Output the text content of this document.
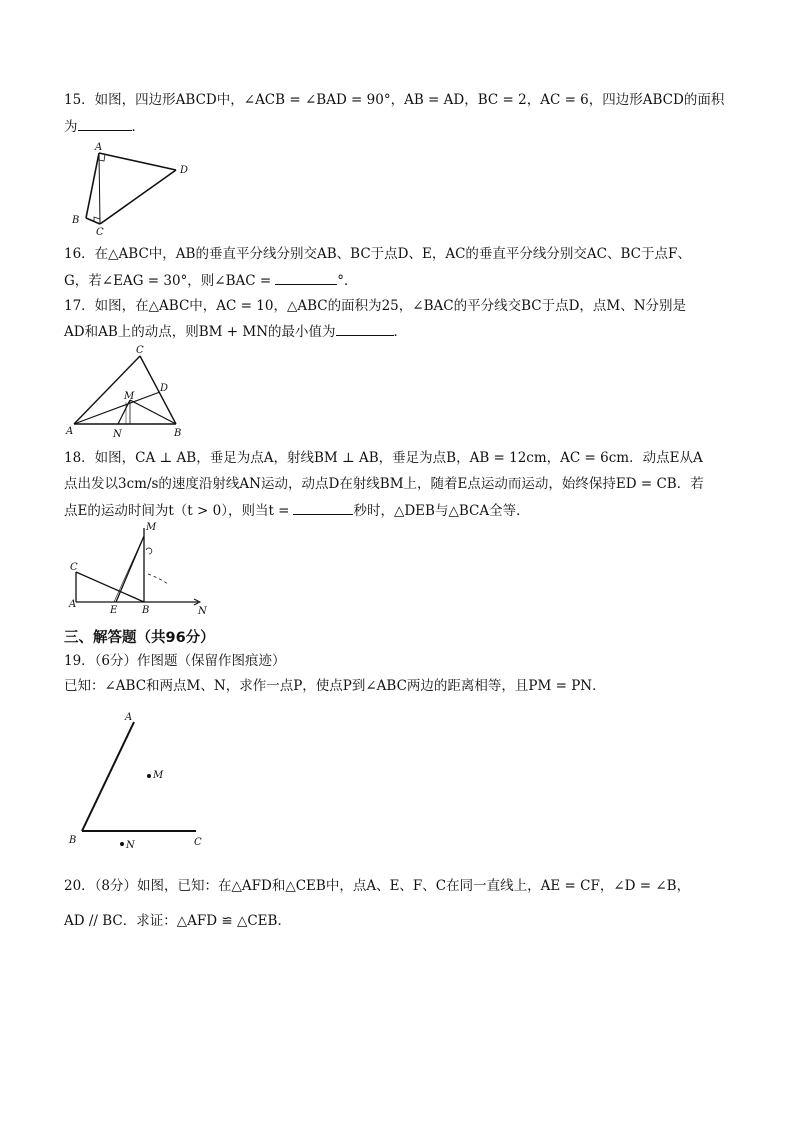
15．如图，四边形ABCD中，∠ACB = ∠BAD = 90°，AB = AD，BC = 2，AC = 6，四边形ABCD的面积
为	．
A
D
B
C
16．在△ABC中，AB的垂直平分线分别交AB、BC于点D、E，AC的垂直平分线分别交AC、BC于点F、
G，若∠EAG = 30°，则∠BAC =	°．
17．如图，在△ABC中，AC = 10，△ABC的面积为25，∠BAC的平分线交BC于点D，点M、N分别是
AD和AB上的动点，则BM + MN的最小值为	．
C
D
M
A	N	B
18．如图，CA ⊥ AB，垂足为点A，射线BM ⊥ AB，垂足为点B，AB = 12cm，AC = 6cm．动点E从A
点出发以3cm/s的速度沿射线AN运动，动点D在射线BM上，随着E点运动而运动，始终保持ED = CB．若
点E的运动时间为t（t > 0），则当t =	秒时，△DEB与△BCA全等．
M
C
A
E B	N
三、解答题（共96分）
19．（6分）作图题（保留作图痕迹）
已知：∠ABC和两点M、N，求作一点P，使点P到∠ABC两边的距离相等，且PM = PN．
A
M
B	N	C
20．（8分）如图，已知：在△AFD和△CEB中，点A、E、F、C在同一直线上，AE = CF，∠D = ∠B，
AD // BC．求证：△AFD ≌ △CEB．
